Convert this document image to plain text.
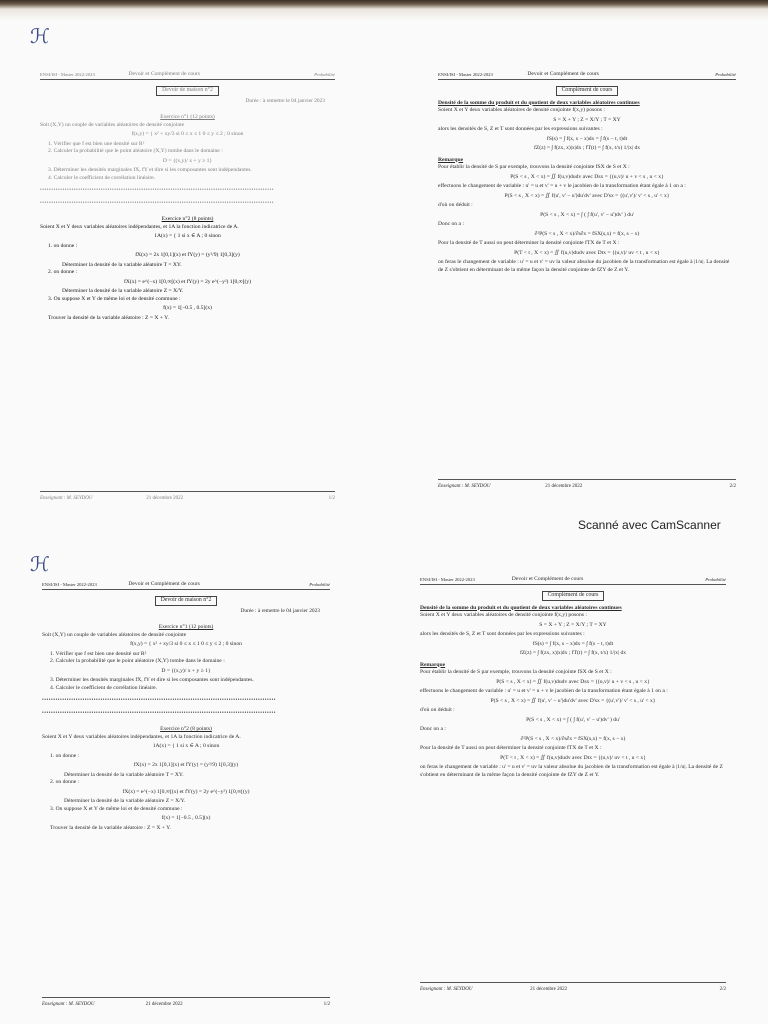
ℋ
ℋ
ENSI/ISI - Master 2022-2023	Devoir et Complément de cours	Probabilité
Devoir de maison n°2
Durée : à remettre le 04 janvier 2023
Exercice n°1 (12 points)
Soit (X,Y) un couple de variables aléatoires de densité conjointe
f(x,y) = { x² + xy/3 si 0 ≤ x ≤ 1 0 ≤ y ≤ 2 ; 0 sinon
1. Vérifier que f est bien une densité sur R²
2. Calculer la probabilité que le point aléatoire (X,Y) tombe dans le domaine :
D = {(x,y)/ x + y ≥ 1}
3. Déterminer les densités marginales fX, fY et dire si les composantes sont indépendantes.
4. Calculer le coefficient de corrélation linéaire.
••••••••••••••••••••••••••••••••••••••••••••••••••••••••••••••••••••••••••••••••••••••••••••••••••••••••
••••••••••••••••••••••••••••••••••••••••••••••••••••••••••••••••••••••••••••••••••••••••••••••••••••••••
Exercice n°2 (8 points)
Soient X et Y deux variables aléatoires indépendantes, et 1A la fonction indicatrice de A.
1A(x) = { 1 si x ∈ A ; 0 sinon
1. on donne :
fX(x) = 2x 1[0,1](x) et fY(y) = (y²/9) 1[0,3](y)
Déterminer la densité de la variable aléatoire T = XY.
2. on donne :
fX(x) = e^(−x) 1[0,∞[(x) et fY(y) = 2y e^(−y²) 1[0,∞[(y)
Déterminer la densité de la variable aléatoire Z = X/Y.
3. On suppose X et Y de même loi et de densité commune :
f(x) = 1[−0.5 , 0.5](x)
Trouver la densité de la variable aléatoire : Z = X + Y.
Enseignant : M. SEYDOU	21 décembre 2022	1/2
ENSI/ISI - Master 2022-2023	Devoir et Complément de cours	Probabilité
Complément de cours
Densité de la somme du produit et du quotient de deux variables aléatoires continues
Soient X et Y deux variables aléatoires de densité conjointe f(x,y) posons :
S = X + Y ; Z = X/Y ; T = XY
alors les densités de S, Z et T sont données par les expressions suivantes :
fS(s) = ∫ f(x, s − x)dx = ∫ f(s − t, t)dt
fZ(z) = ∫ f(zx, x)|x|dx ; fT(t) = ∫ f(x, t/x) 1/|x| dx
Remarque
Pour établir la densité de S par exemple, trouvons la densité conjointe fSX de S et X :
P(S < s , X < x) = ∬ f(u,v)dudv avec Dsx = {(u,v)/ u + v < s , u < x}
effectuons le changement de variable : u' = u et v' = u + v le jacobien de la transformation étant égale à 1 on a :
P(S < s , X < x) = ∬ f(u', v' − u')du'dv' avec D'sx = {(u',v')/ v' < s , u' < x}
d'où on déduit :
P(S < s , X < x) = ∫ ( ∫ f(u', v' − u')dv' ) du'
Donc on a :
∂²P(S < s , X < x)/∂s∂x = fSX(s,x) = f(x, s − x)
Pour la densité de T aussi on peut déterminer la densité conjointe fTX de T et X :
P(T < t , X < x) = ∬ f(u,v)dudv avec Dtx = {(u,v)/ uv < t , u < x}
on feras le changement de variable : u' = u et v' = uv la valeur absolue du jacobien de la transformation est égale à |1/u|. La densité de Z s'obtient en déterminant de la même façon la densité conjointe de fZY de Z et Y.
Enseignant : M. SEYDOU	21 décembre 2022	2/2
Scanné avec CamScanner
ENSI/ISI - Master 2022-2023	Devoir et Complément de cours	Probabilité
Devoir de maison n°2
Durée : à remettre le 04 janvier 2023
Exercice n°1 (12 points)
Soit (X,Y) un couple de variables aléatoires de densité conjointe
f(x,y) = { x² + xy/3 si 0 ≤ x ≤ 1 0 ≤ y ≤ 2 ; 0 sinon
1. Vérifier que f est bien une densité sur R²
2. Calculer la probabilité que le point aléatoire (X,Y) tombe dans le domaine :
D = {(x,y)/ x + y ≥ 1}
3. Déterminer les densités marginales fX, fY et dire si les composantes sont indépendantes.
4. Calculer le coefficient de corrélation linéaire.
••••••••••••••••••••••••••••••••••••••••••••••••••••••••••••••••••••••••••••••••••••••••••••••••••••••••
••••••••••••••••••••••••••••••••••••••••••••••••••••••••••••••••••••••••••••••••••••••••••••••••••••••••
Exercice n°2 (8 points)
Soient X et Y deux variables aléatoires indépendantes, et 1A la fonction indicatrice de A.
1A(x) = { 1 si x ∈ A ; 0 sinon
1. on donne :
fX(x) = 2x 1[0,1](x) et fY(y) = (y²/9) 1[0,3](y)
Déterminer la densité de la variable aléatoire T = XY.
2. on donne :
fX(x) = e^(−x) 1[0,∞[(x) et fY(y) = 2y e^(−y²) 1[0,∞[(y)
Déterminer la densité de la variable aléatoire Z = X/Y.
3. On suppose X et Y de même loi et de densité commune :
f(x) = 1[−0.5 , 0.5](x)
Trouver la densité de la variable aléatoire : Z = X + Y.
Enseignant : M. SEYDOU	21 décembre 2022	1/2
ENSI/ISI - Master 2022-2023	Devoir et Complément de cours	Probabilité
Complément de cours
Densité de la somme du produit et du quotient de deux variables aléatoires continues
Soient X et Y deux variables aléatoires de densité conjointe f(x,y) posons :
S = X + Y ; Z = X/Y ; T = XY
alors les densités de S, Z et T sont données par les expressions suivantes :
fS(s) = ∫ f(x, s − x)dx = ∫ f(s − t, t)dt
fZ(z) = ∫ f(zx, x)|x|dx ; fT(t) = ∫ f(x, t/x) 1/|x| dx
Remarque
Pour établir la densité de S par exemple, trouvons la densité conjointe fSX de S et X :
P(S < s , X < x) = ∬ f(u,v)dudv avec Dsx = {(u,v)/ u + v < s , u < x}
effectuons le changement de variable : u' = u et v' = u + v le jacobien de la transformation étant égale à 1 on a :
P(S < s , X < x) = ∬ f(u', v' − u')du'dv' avec D'sx = {(u',v')/ v' < s , u' < x}
d'où on déduit :
P(S < s , X < x) = ∫ ( ∫ f(u', v' − u')dv' ) du'
Donc on a :
∂²P(S < s , X < x)/∂s∂x = fSX(s,x) = f(x, s − x)
Pour la densité de T aussi on peut déterminer la densité conjointe fTX de T et X :
P(T < t , X < x) = ∬ f(u,v)dudv avec Dtx = {(u,v)/ uv < t , u < x}
on feras le changement de variable : u' = u et v' = uv la valeur absolue du jacobien de la transformation est égale à |1/u|. La densité de Z s'obtient en déterminant de la même façon la densité conjointe de fZY de Z et Y.
Enseignant : M. SEYDOU	21 décembre 2022	2/2
